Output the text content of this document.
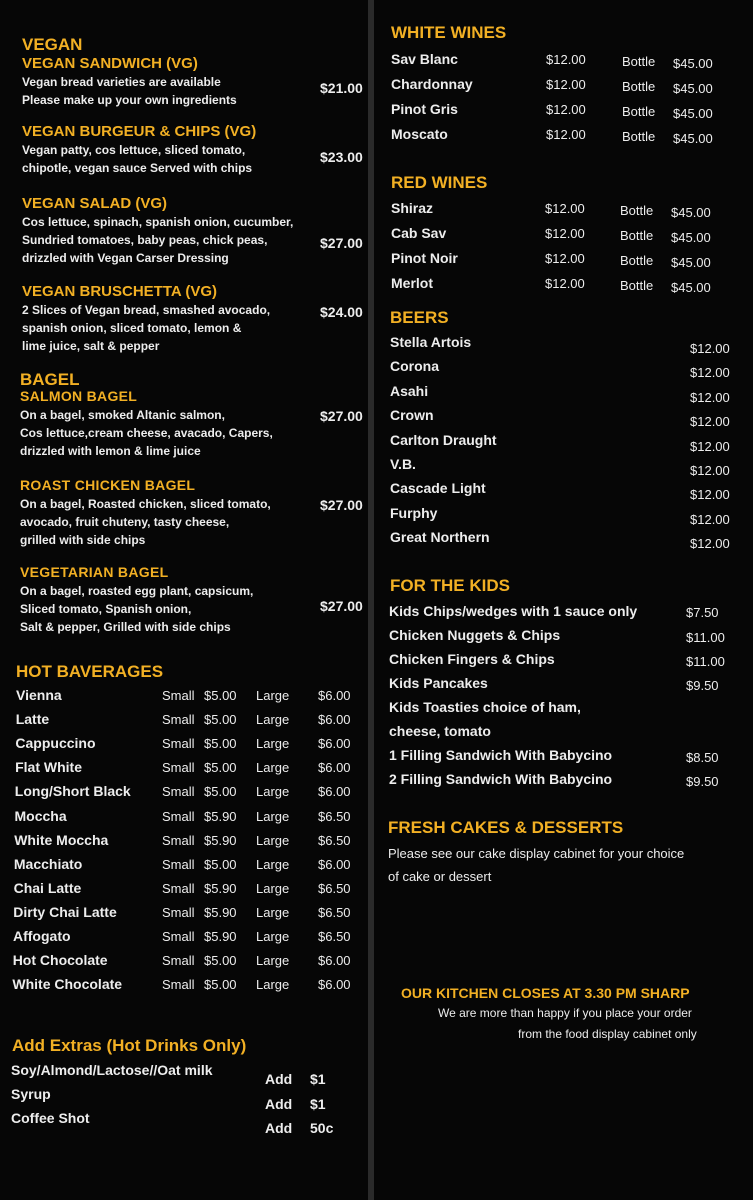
VEGAN
VEGAN SANDWICH (VG)
Vegan bread varieties are available
Please make up your own ingredients
$21.00
VEGAN BURGEUR & CHIPS (VG)
Vegan patty, cos lettuce, sliced tomato,
chipotle, vegan sauce Served with chips
$23.00
VEGAN SALAD (VG)
Cos lettuce, spinach, spanish onion, cucumber,
Sundried tomatoes, baby peas, chick peas,
drizzled with Vegan Carser Dressing
$27.00
VEGAN BRUSCHETTA (VG)
2 Slices of Vegan bread, smashed avocado,
spanish onion, sliced tomato, lemon &
lime juice, salt & pepper
$24.00
BAGEL
SALMON BAGEL
On a bagel, smoked Altanic salmon,
Cos lettuce,cream cheese, avacado, Capers,
drizzled with lemon & lime juice
$27.00
ROAST CHICKEN BAGEL
On a bagel, Roasted chicken, sliced tomato,
avocado, fruit chuteny, tasty cheese,
grilled with side chips
$27.00
VEGETARIAN BAGEL
On a bagel, roasted egg plant, capsicum,
Sliced tomato, Spanish onion,
Salt & pepper, Grilled with side chips
$27.00
HOT BAVERAGES
Vienna	Small $5.00 Large $6.00
Latte	Small $5.00 Large $6.00
Cappuccino	Small $5.00 Large $6.00
Flat White	Small $5.00 Large $6.00
Long/Short Black Small $5.00 Large $6.00
Moccha	Small $5.90 Large $6.50
White Moccha	Small $5.90 Large $6.50
Macchiato	Small $5.00 Large $6.00
Chai Latte	Small $5.90 Large $6.50
Dirty Chai Latte	Small $5.90 Large $6.50
Affogato	Small $5.90 Large $6.50
Hot Chocolate	Small $5.00 Large $6.00
White Chocolate	Small $5.00 Large $6.00
Add Extras (Hot Drinks Only)
Soy/Almond/Lactose//Oat milk
Add $1
Syrup
Add $1
Coffee Shot
Add 50c
WHITE WINES
Sav Blanc	$12.00	Bottle $45.00
Chardonnay	$12.00	Bottle $45.00
Pinot Gris	$12.00	Bottle $45.00
Moscato	$12.00	Bottle $45.00
RED WINES
Shiraz	$12.00	Bottle $45.00
Cab Sav	$12.00	Bottle $45.00
Pinot Noir	$12.00	Bottle $45.00
Merlot	$12.00	Bottle $45.00
BEERS
Stella Artois	$12.00
Corona	$12.00
Asahi	$12.00
Crown	$12.00
Carlton Draught	$12.00
V.B.	$12.00
Cascade Light	$12.00
Furphy	$12.00
Great Northern	$12.00
FOR THE KIDS
Kids Chips/wedges with 1 sauce only	$7.50
Chicken Nuggets & Chips	$11.00
Chicken Fingers & Chips	$11.00
Kids Pancakes	$9.50
Kids Toasties choice of ham,
cheese, tomato
1 Filling Sandwich With Babycino	$8.50
2 Filling Sandwich With Babycino	$9.50
FRESH CAKES & DESSERTS
Please see our cake display cabinet for your choice
of cake or dessert
OUR KITCHEN CLOSES AT 3.30 PM SHARP
We are more than happy if you place your order
from the food display cabinet only
